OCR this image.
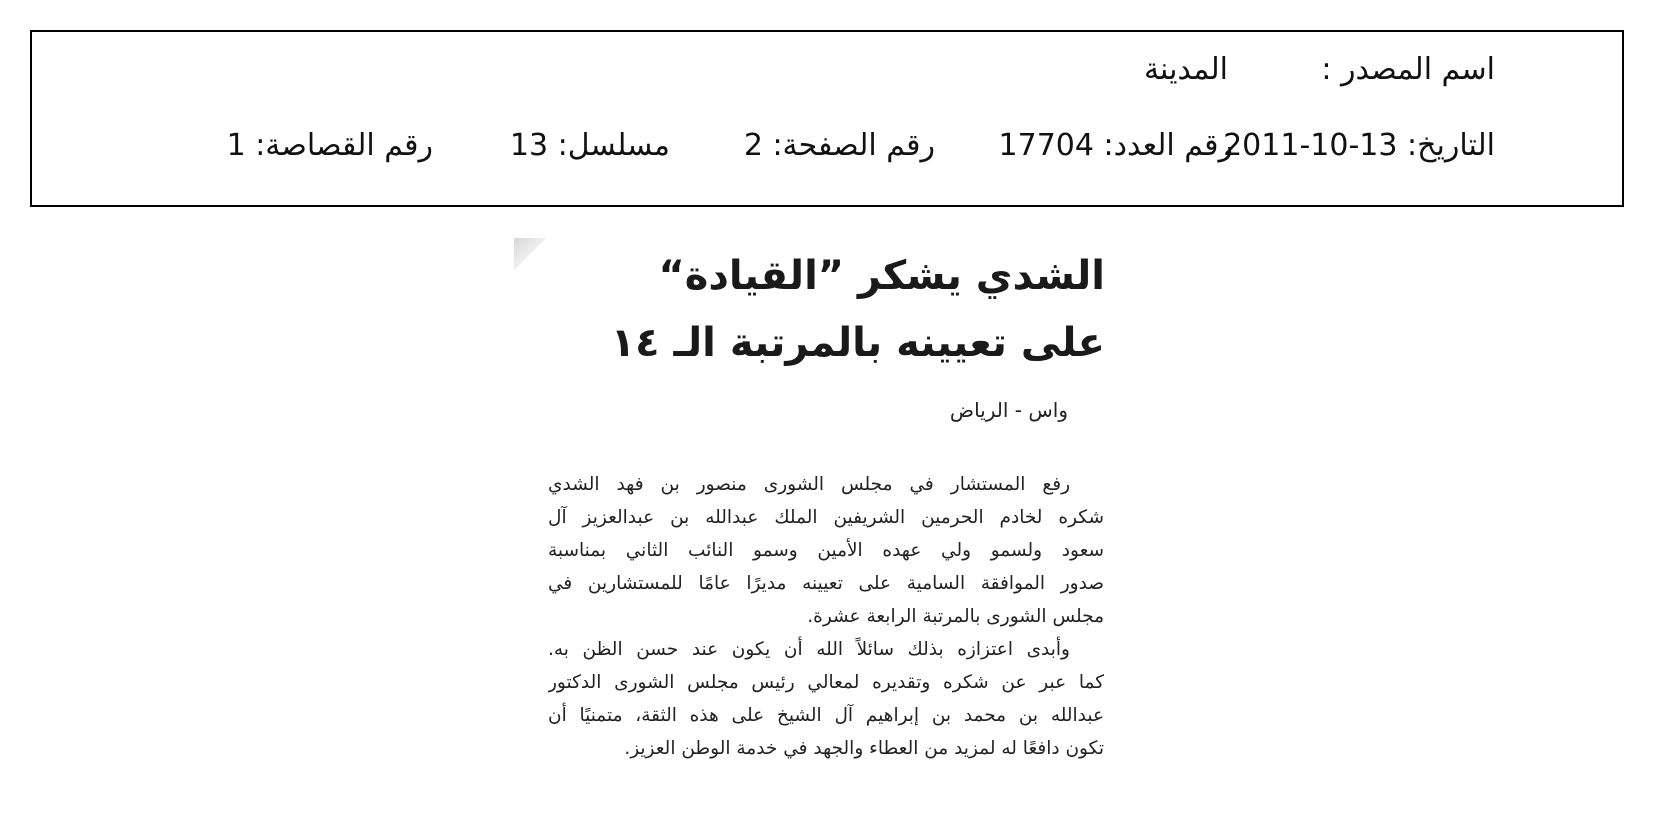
اسم المصدر :
المدينة
التاريخ: 13-10-2011
رقم العدد: 17704
رقم الصفحة: 2
مسلسل: 13
رقم القصاصة: 1
الشدي يشكر ”القيادة“
على تعيينه بالمرتبة الـ ١٤
واس - الرياض
رفع المستشار في مجلس الشورى منصور بن فهد الشدي
شكره لخادم الحرمين الشريفين الملك عبدالله بن عبدالعزيز آل
سعود ولسمو ولي عهده الأمين وسمو النائب الثاني بمناسبة
صدور الموافقة السامية على تعيينه مديرًا عامًا للمستشارين في
مجلس الشورى بالمرتبة الرابعة عشرة.
وأبدى اعتزازه بذلك سائلاً الله أن يكون عند حسن الظن به.
كما عبر عن شكره وتقديره لمعالي رئيس مجلس الشورى الدكتور
عبدالله بن محمد بن إبراهيم آل الشيخ على هذه الثقة، متمنيًا أن
تكون دافعًا له لمزيد من العطاء والجهد في خدمة الوطن العزيز.
